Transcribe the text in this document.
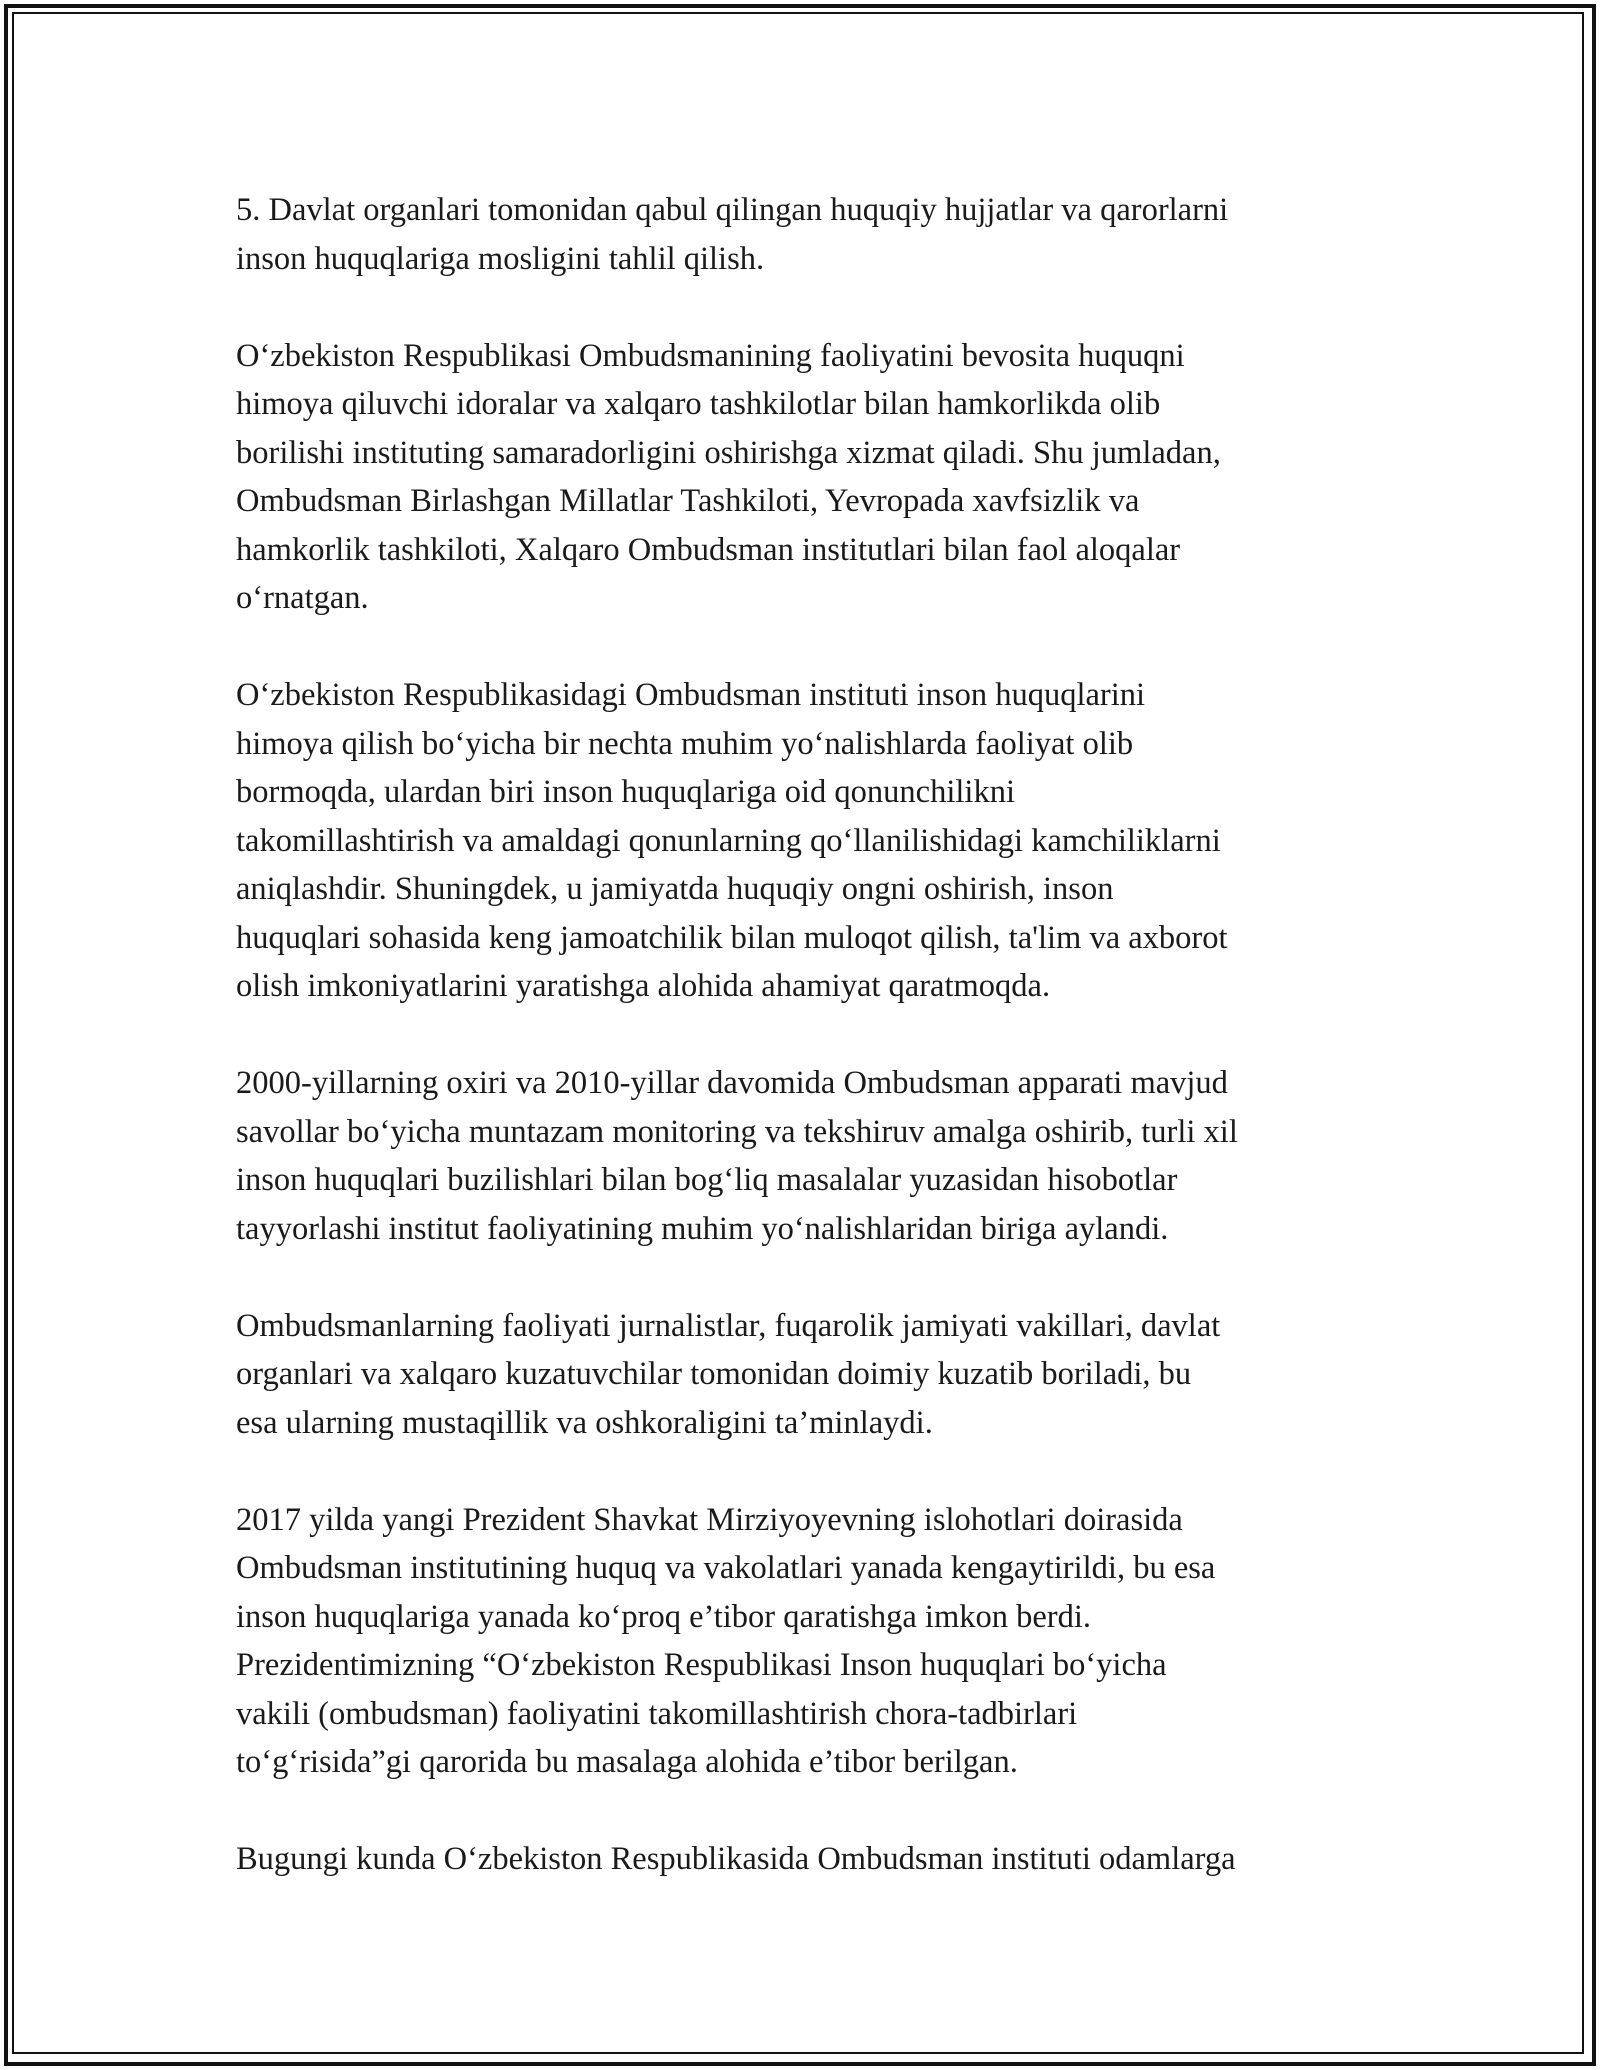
5. Davlat organlari tomonidan qabul qilingan huquqiy hujjatlar va qarorlarni
inson huquqlariga mosligini tahlil qilish.

O‘zbekiston Respublikasi Ombudsmanining faoliyatini bevosita huquqni
himoya qiluvchi idoralar va xalqaro tashkilotlar bilan hamkorlikda olib
borilishi instituting samaradorligini oshirishga xizmat qiladi. Shu jumladan,
Ombudsman Birlashgan Millatlar Tashkiloti, Yevropada xavfsizlik va
hamkorlik tashkiloti, Xalqaro Ombudsman institutlari bilan faol aloqalar
o‘rnatgan.

O‘zbekiston Respublikasidagi Ombudsman instituti inson huquqlarini
himoya qilish bo‘yicha bir nechta muhim yo‘nalishlarda faoliyat olib
bormoqda, ulardan biri inson huquqlariga oid qonunchilikni
takomillashtirish va amaldagi qonunlarning qo‘llanilishidagi kamchiliklarni
aniqlashdir. Shuningdek, u jamiyatda huquqiy ongni oshirish, inson
huquqlari sohasida keng jamoatchilik bilan muloqot qilish, ta'lim va axborot
olish imkoniyatlarini yaratishga alohida ahamiyat qaratmoqda.

2000-yillarning oxiri va 2010-yillar davomida Ombudsman apparati mavjud
savollar bo‘yicha muntazam monitoring va tekshiruv amalga oshirib, turli xil
inson huquqlari buzilishlari bilan bog‘liq masalalar yuzasidan hisobotlar
tayyorlashi institut faoliyatining muhim yo‘nalishlaridan biriga aylandi.

Ombudsmanlarning faoliyati jurnalistlar, fuqarolik jamiyati vakillari, davlat
organlari va xalqaro kuzatuvchilar tomonidan doimiy kuzatib boriladi, bu
esa ularning mustaqillik va oshkoraligini ta’minlaydi.

2017 yilda yangi Prezident Shavkat Mirziyoyevning islohotlari doirasida
Ombudsman institutining huquq va vakolatlari yanada kengaytirildi, bu esa
inson huquqlariga yanada ko‘proq e’tibor qaratishga imkon berdi.
Prezidentimizning “O‘zbekiston Respublikasi Inson huquqlari bo‘yicha
vakili (ombudsman) faoliyatini takomillashtirish chora-tadbirlari
to‘g‘risida”gi qarorida bu masalaga alohida e’tibor berilgan.

Bugungi kunda O‘zbekiston Respublikasida Ombudsman instituti odamlarga
